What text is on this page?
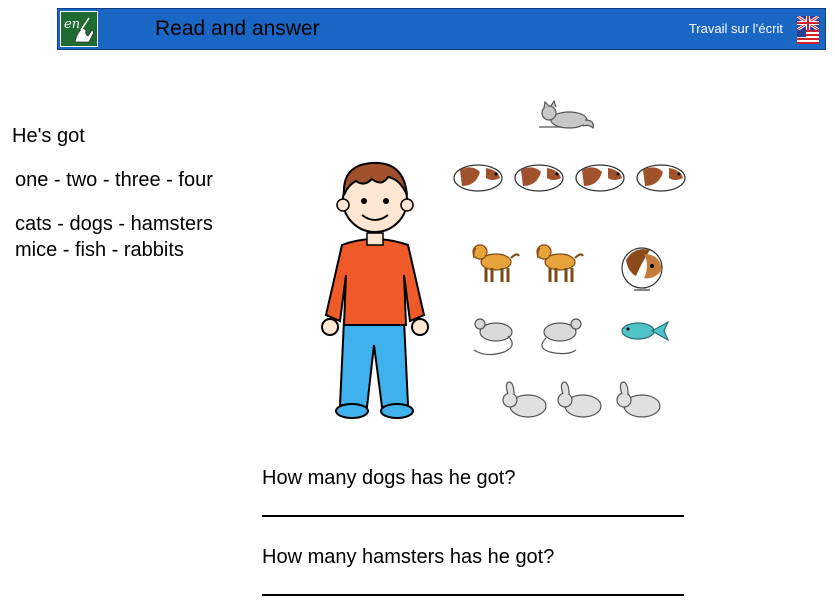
en	Read and answer	Travail sur l’écrit
He's got
one - two - three - four
cats - dogs - hamsters
mice - fish - rabbits
How many dogs has he got?
How many hamsters has he got?
